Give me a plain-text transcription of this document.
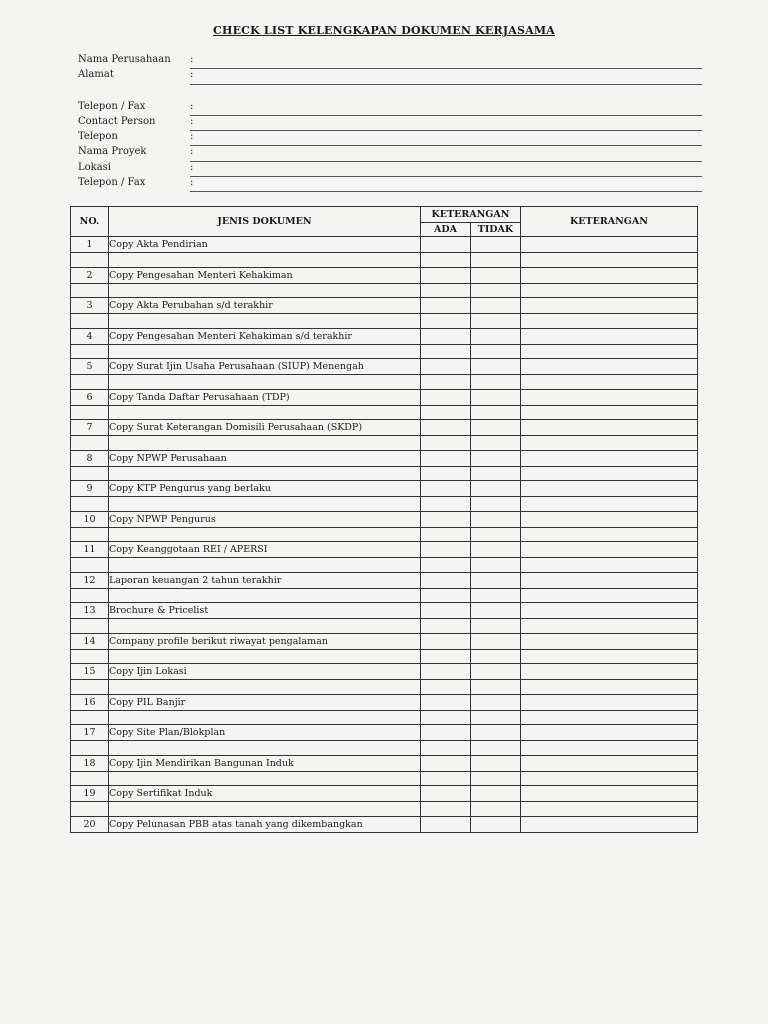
CHECK LIST KELENGKAPAN DOKUMEN KERJASAMA
Nama Perusahaan :
Alamat	:
Telepon / Fax	:
Contact Person	:
Telepon	:
Nama Proyek	:
Lokasi	:
Telepon / Fax	:
NO.	JENIS DOKUMEN	KETERANGAN		KETERANGAN
		ADA	TIDAK	
1	Copy Akta Pendirian			

2	Copy Pengesahan Menteri Kehakiman			

3	Copy Akta Perubahan s/d terakhir			

4	Copy Pengesahan Menteri Kehakiman s/d terakhir			

5	Copy Surat Ijin Usaha Perusahaan (SIUP) Menengah			

6	Copy Tanda Daftar Perusahaan (TDP)			

7	Copy Surat Keterangan Domisili Perusahaan (SKDP)			

8	Copy NPWP Perusahaan			

9	Copy KTP Pengurus yang berlaku			

10	Copy NPWP Pengurus			

11	Copy Keanggotaan REI / APERSI			

12	Laporan keuangan 2 tahun terakhir			

13	Brochure & Pricelist			

14	Company profile berikut riwayat pengalaman			

15	Copy Ijin Lokasi			

16	Copy PIL Banjir			

17	Copy Site Plan/Blokplan			

18	Copy Ijin Mendirikan Bangunan Induk			

19	Copy Sertifikat Induk			

20	Copy Pelunasan PBB atas tanah yang dikembangkan			
